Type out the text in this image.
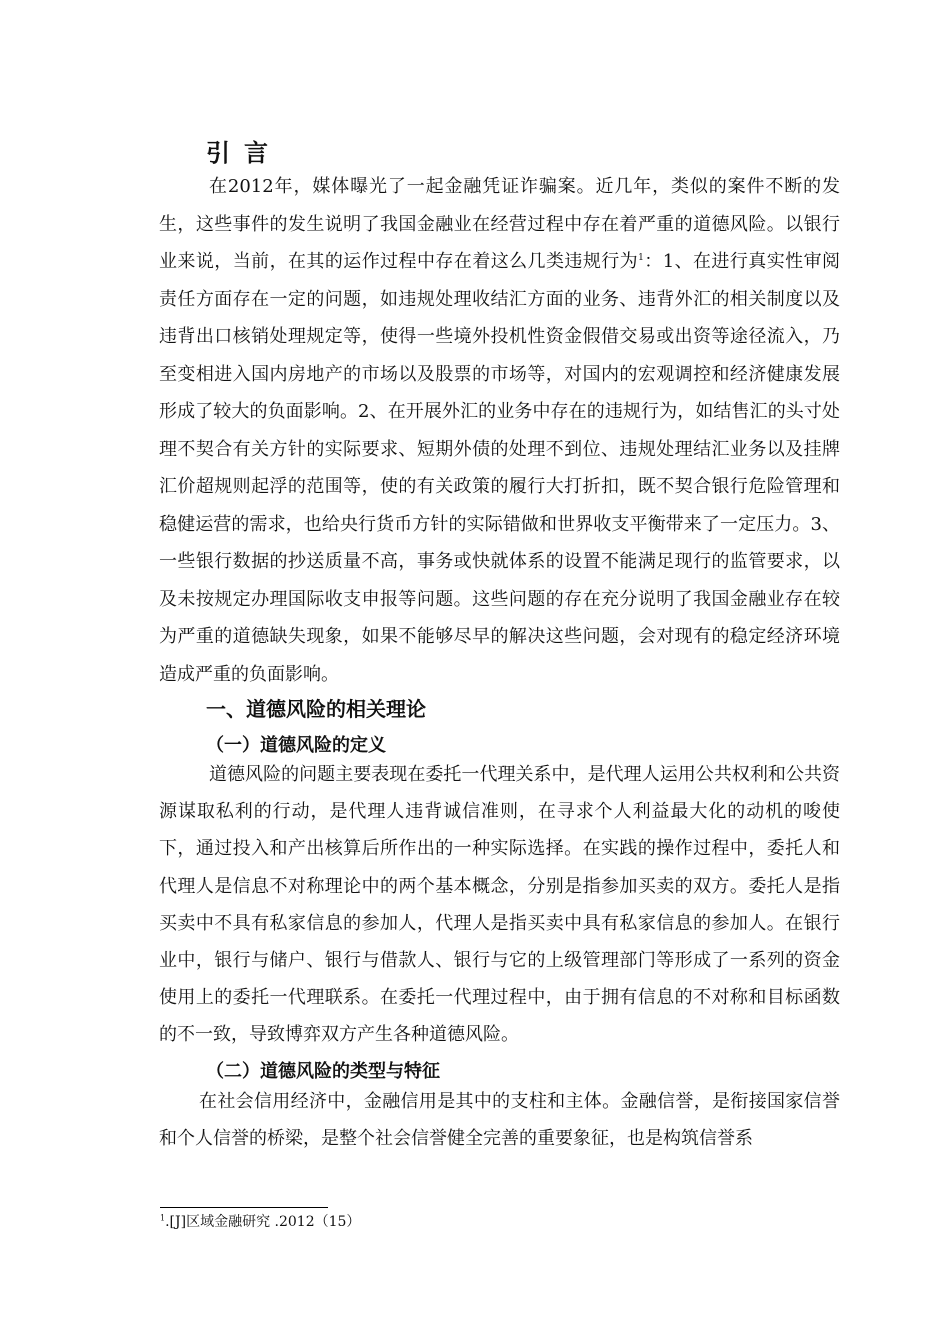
引言

在2012年，媒体曝光了一起金融凭证诈骗案。近几年，类似的案件不断的发生，这些事件的发生说明了我国金融业在经营过程中存在着严重的道德风险。以银行业来说，当前，在其的运作过程中存在着这么几类违规行为$^1$：1、在进行真实性审阅责任方面存在一定的问题，如违规处理收结汇方面的业务、违背外汇的相关制度以及违背出口核销处理规定等，使得一些境外投机性资金假借交易或出资等途径流入，乃至变相进入国内房地产的市场以及股票的市场等，对国内的宏观调控和经济健康发展形成了较大的负面影响。2、在开展外汇的业务中存在的违规行为，如结售汇的头寸处理不契合有关方针的实际要求、短期外债的处理不到位、违规处理结汇业务以及挂牌汇价超规则起浮的范围等，使的有关政策的履行大打折扣，既不契合银行危险管理和稳健运营的需求，也给央行货币方针的实际错做和世界收支平衡带来了一定压力。3、一些银行数据的抄送质量不高，事务或快就体系的设置不能满足现行的监管要求，以及未按规定办理国际收支申报等问题。这些问题的存在充分说明了我国金融业存在较为严重的道德缺失现象，如果不能够尽早的解决这些问题，会对现有的稳定经济环境造成严重的负面影响。

一、道德风险的相关理论
（一）道德风险的定义

道德风险的问题主要表现在委托一代理关系中，是代理人运用公共权利和公共资源谋取私利的行动，是代理人违背诚信准则，在寻求个人利益最大化的动机的唆使下，通过投入和产出核算后所作出的一种实际选择。在实践的操作过程中，委托人和代理人是信息不对称理论中的两个基本概念，分别是指参加买卖的双方。委托人是指买卖中不具有私家信息的参加人，代理人是指买卖中具有私家信息的参加人。在银行业中，银行与储户、银行与借款人、银行与它的上级管理部门等形成了一系列的资金使用上的委托一代理联系。在委托一代理过程中，由于拥有信息的不对称和目标函数的不一致，导致博弈双方产生各种道德风险。

（二）道德风险的类型与特征

在社会信用经济中，金融信用是其中的支柱和主体。金融信誉，是衔接国家信誉和个人信誉的桥梁，是整个社会信誉健全完善的重要象征，也是构筑信誉系

$^1$.[J]区域金融研究 .2012（15）
